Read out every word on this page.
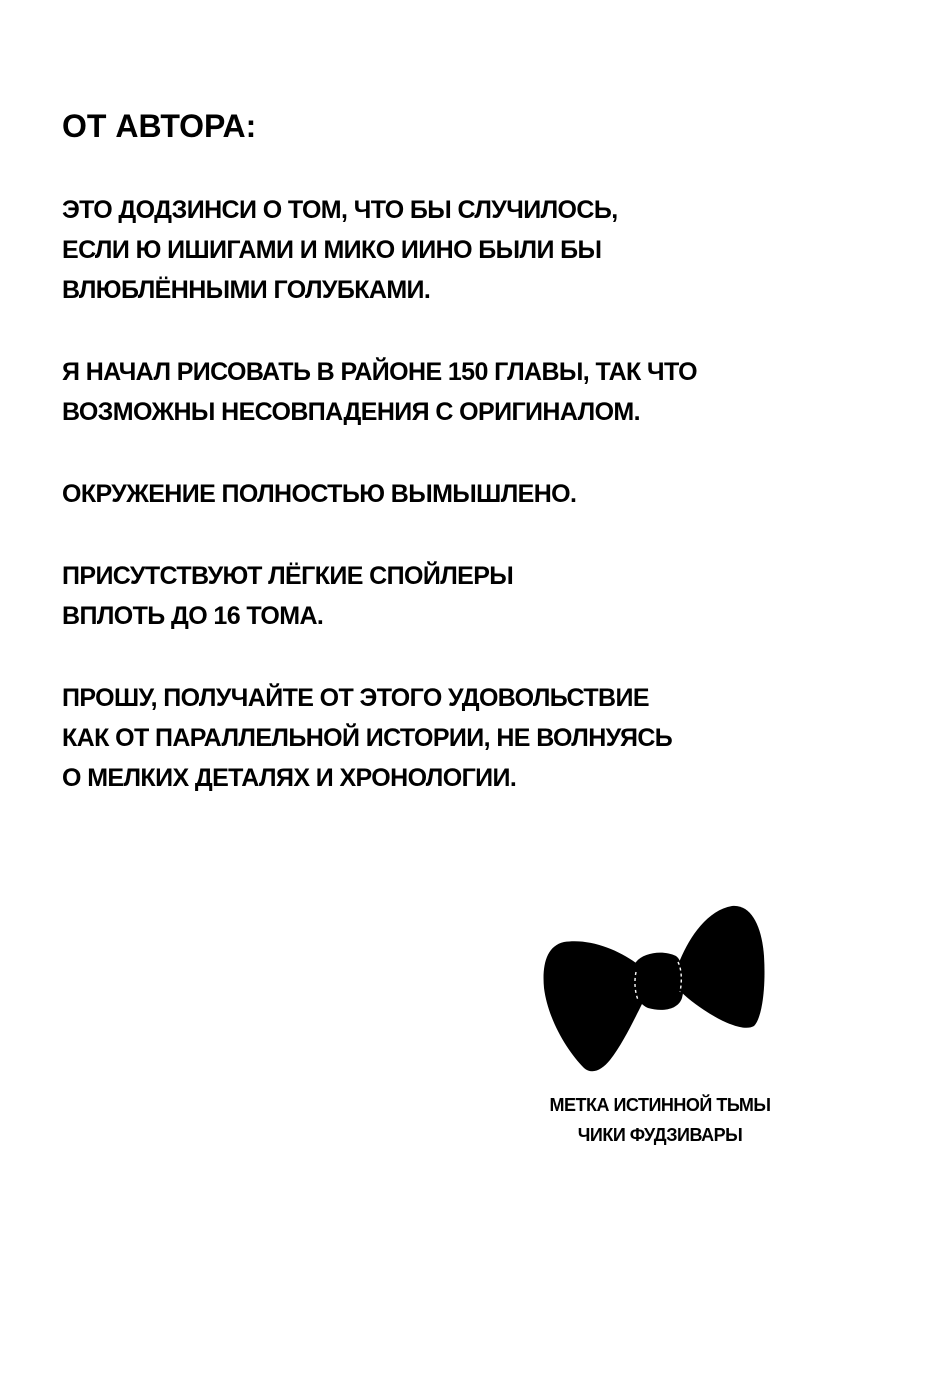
ОТ АВТОРА:
ЭТО ДОДЗИНСИ О ТОМ, ЧТО БЫ СЛУЧИЛОСЬ,
ЕСЛИ Ю ИШИГАМИ И МИКО ИИНО БЫЛИ БЫ
ВЛЮБЛЁННЫМИ ГОЛУБКАМИ.
Я НАЧАЛ РИСОВАТЬ В РАЙОНЕ 150 ГЛАВЫ, ТАК ЧТО
ВОЗМОЖНЫ НЕСОВПАДЕНИЯ С ОРИГИНАЛОМ.
ОКРУЖЕНИЕ ПОЛНОСТЬЮ ВЫМЫШЛЕНО.
ПРИСУТСТВУЮТ ЛЁГКИЕ СПОЙЛЕРЫ
ВПЛОТЬ ДО 16 ТОМА.
ПРОШУ, ПОЛУЧАЙТЕ ОТ ЭТОГО УДОВОЛЬСТВИЕ
КАК ОТ ПАРАЛЛЕЛЬНОЙ ИСТОРИИ, НЕ ВОЛНУЯСЬ
О МЕЛКИХ ДЕТАЛЯХ И ХРОНОЛОГИИ.
МЕТКА ИСТИННОЙ ТЬМЫ
ЧИКИ ФУДЗИВАРЫ
